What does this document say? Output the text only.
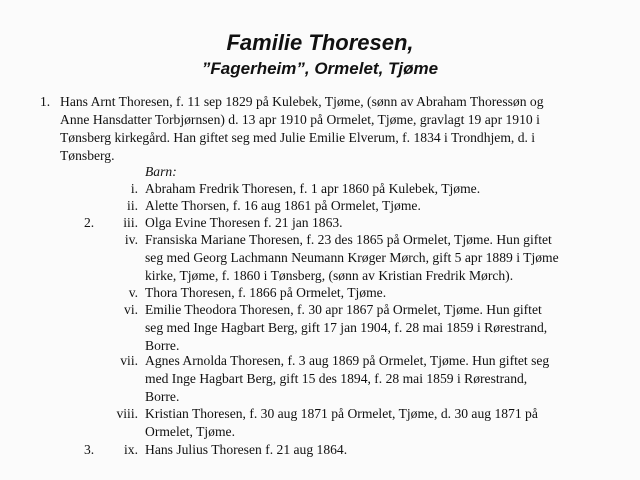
Familie Thoresen,
”Fagerheim”, Ormelet, Tjøme
1. Hans Arnt Thoresen, f. 11 sep 1829 på Kulebek, Tjøme, (sønn av Abraham Thoressøn og
Anne Hansdatter Torbjørnsen) d. 13 apr 1910 på Ormelet, Tjøme, gravlagt 19 apr 1910 i
Tønsberg kirkegård. Han giftet seg med Julie Emilie Elverum, f. 1834 i Trondhjem, d. i
Tønsberg.
Barn:
i. Abraham Fredrik Thoresen, f. 1 apr 1860 på Kulebek, Tjøme.
ii. Alette Thorsen, f. 16 aug 1861 på Ormelet, Tjøme.
2.	iii. Olga Evine Thoresen f. 21 jan 1863.
iv. Fransiska Mariane Thoresen, f. 23 des 1865 på Ormelet, Tjøme. Hun giftet
seg med Georg Lachmann Neumann Krøger Mørch, gift 5 apr 1889 i Tjøme
kirke, Tjøme, f. 1860 i Tønsberg, (sønn av Kristian Fredrik Mørch).
v. Thora Thoresen, f. 1866 på Ormelet, Tjøme.
vi. Emilie Theodora Thoresen, f. 30 apr 1867 på Ormelet, Tjøme. Hun giftet
seg med Inge Hagbart Berg, gift 17 jan 1904, f. 28 mai 1859 i Rørestrand,
Borre.
vii. Agnes Arnolda Thoresen, f. 3 aug 1869 på Ormelet, Tjøme. Hun giftet seg
med Inge Hagbart Berg, gift 15 des 1894, f. 28 mai 1859 i Rørestrand,
Borre.
viii. Kristian Thoresen, f. 30 aug 1871 på Ormelet, Tjøme, d. 30 aug 1871 på
Ormelet, Tjøme.
3.	ix. Hans Julius Thoresen f. 21 aug 1864.
